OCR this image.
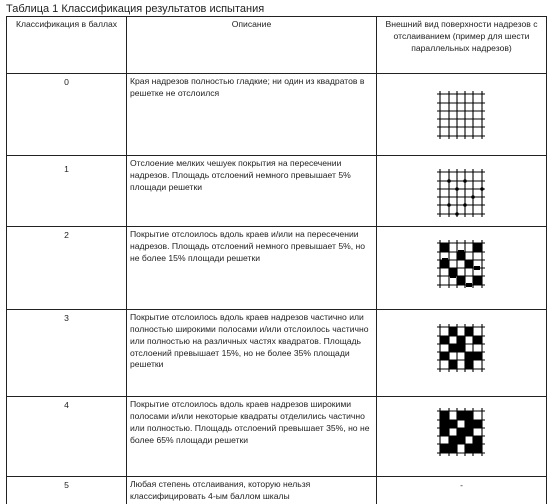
Таблица 1 Классификация результатов испытания
Классификация в баллах	Описание	Внешний вид поверхности надрезов с отслаиванием (пример для шести параллельных надрезов)
0	Края надрезов полностью гладкие; ни один из квадратов в решетке не отслоился	

1	Отслоение мелких чешуек покрытия на пересечении надрезов. Площадь отслоений немного превышает 5% площади решетки	

2	Покрытие отслоилось вдоль краев и/или на пересечении надрезов. Площадь отслоений немного превышает 5%, но не более 15% площади решетки	

3	Покрытие отслоилось вдоль краев надрезов частично или полностью широкими полосами и/или отслоилось частично или полностью на различных частях квадратов. Площадь отслоений превышает 15%, но не более 35% площади решетки	

4	Покрытие отслоилось вдоль краев надрезов широкими полосами и/или некоторые квадраты отделились частично или полностью. Площадь отслоений превышает 35%, но не более 65% площади решетки	

5	Любая степень отслаивания, которую нельзя классифицировать 4-ым баллом шкалы	-
